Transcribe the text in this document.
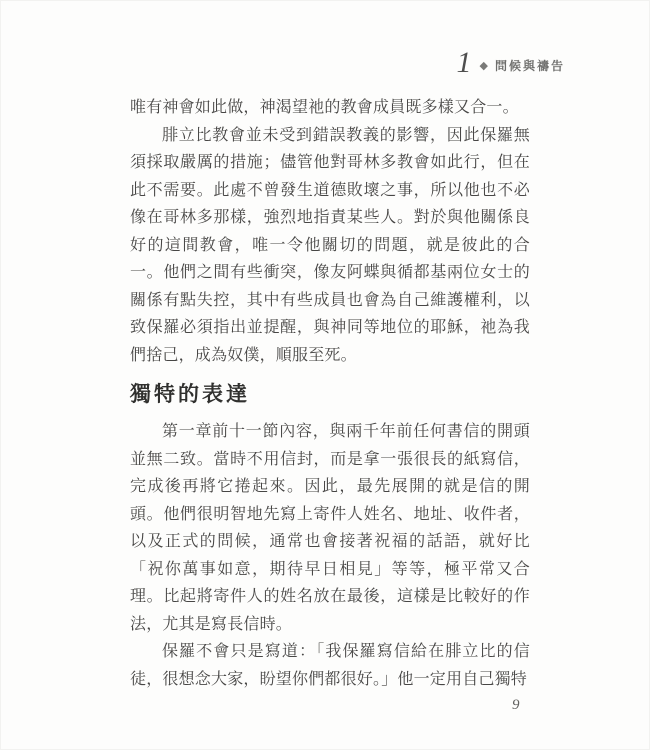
1 ◆ 問候與禱告

唯有神會如此做，神渴望祂的教會成員既多樣又合一。

腓立比教會並未受到錯誤教義的影響，因此保羅無須採取嚴厲的措施；儘管他對哥林多教會如此行，但在此不需要。此處不曾發生道德敗壞之事，所以他也不必像在哥林多那樣，強烈地指責某些人。對於與他關係良好的這間教會，唯一令他關切的問題，就是彼此的合一。他們之間有些衝突，像友阿蝶與循都基兩位女士的關係有點失控，其中有些成員也會為自己維護權利，以致保羅必須指出並提醒，與神同等地位的耶穌，祂為我們捨己，成為奴僕，順服至死。

獨特的表達

第一章前十一節內容，與兩千年前任何書信的開頭並無二致。當時不用信封，而是拿一張很長的紙寫信，完成後再將它捲起來。因此，最先展開的就是信的開頭。他們很明智地先寫上寄件人姓名、地址、收件者，以及正式的問候，通常也會接著祝福的話語，就好比「祝你萬事如意，期待早日相見」等等，極平常又合理。比起將寄件人的姓名放在最後，這樣是比較好的作法，尤其是寫長信時。

保羅不會只是寫道：「我保羅寫信給在腓立比的信徒，很想念大家，盼望你們都很好。」他一定用自己獨特

9
